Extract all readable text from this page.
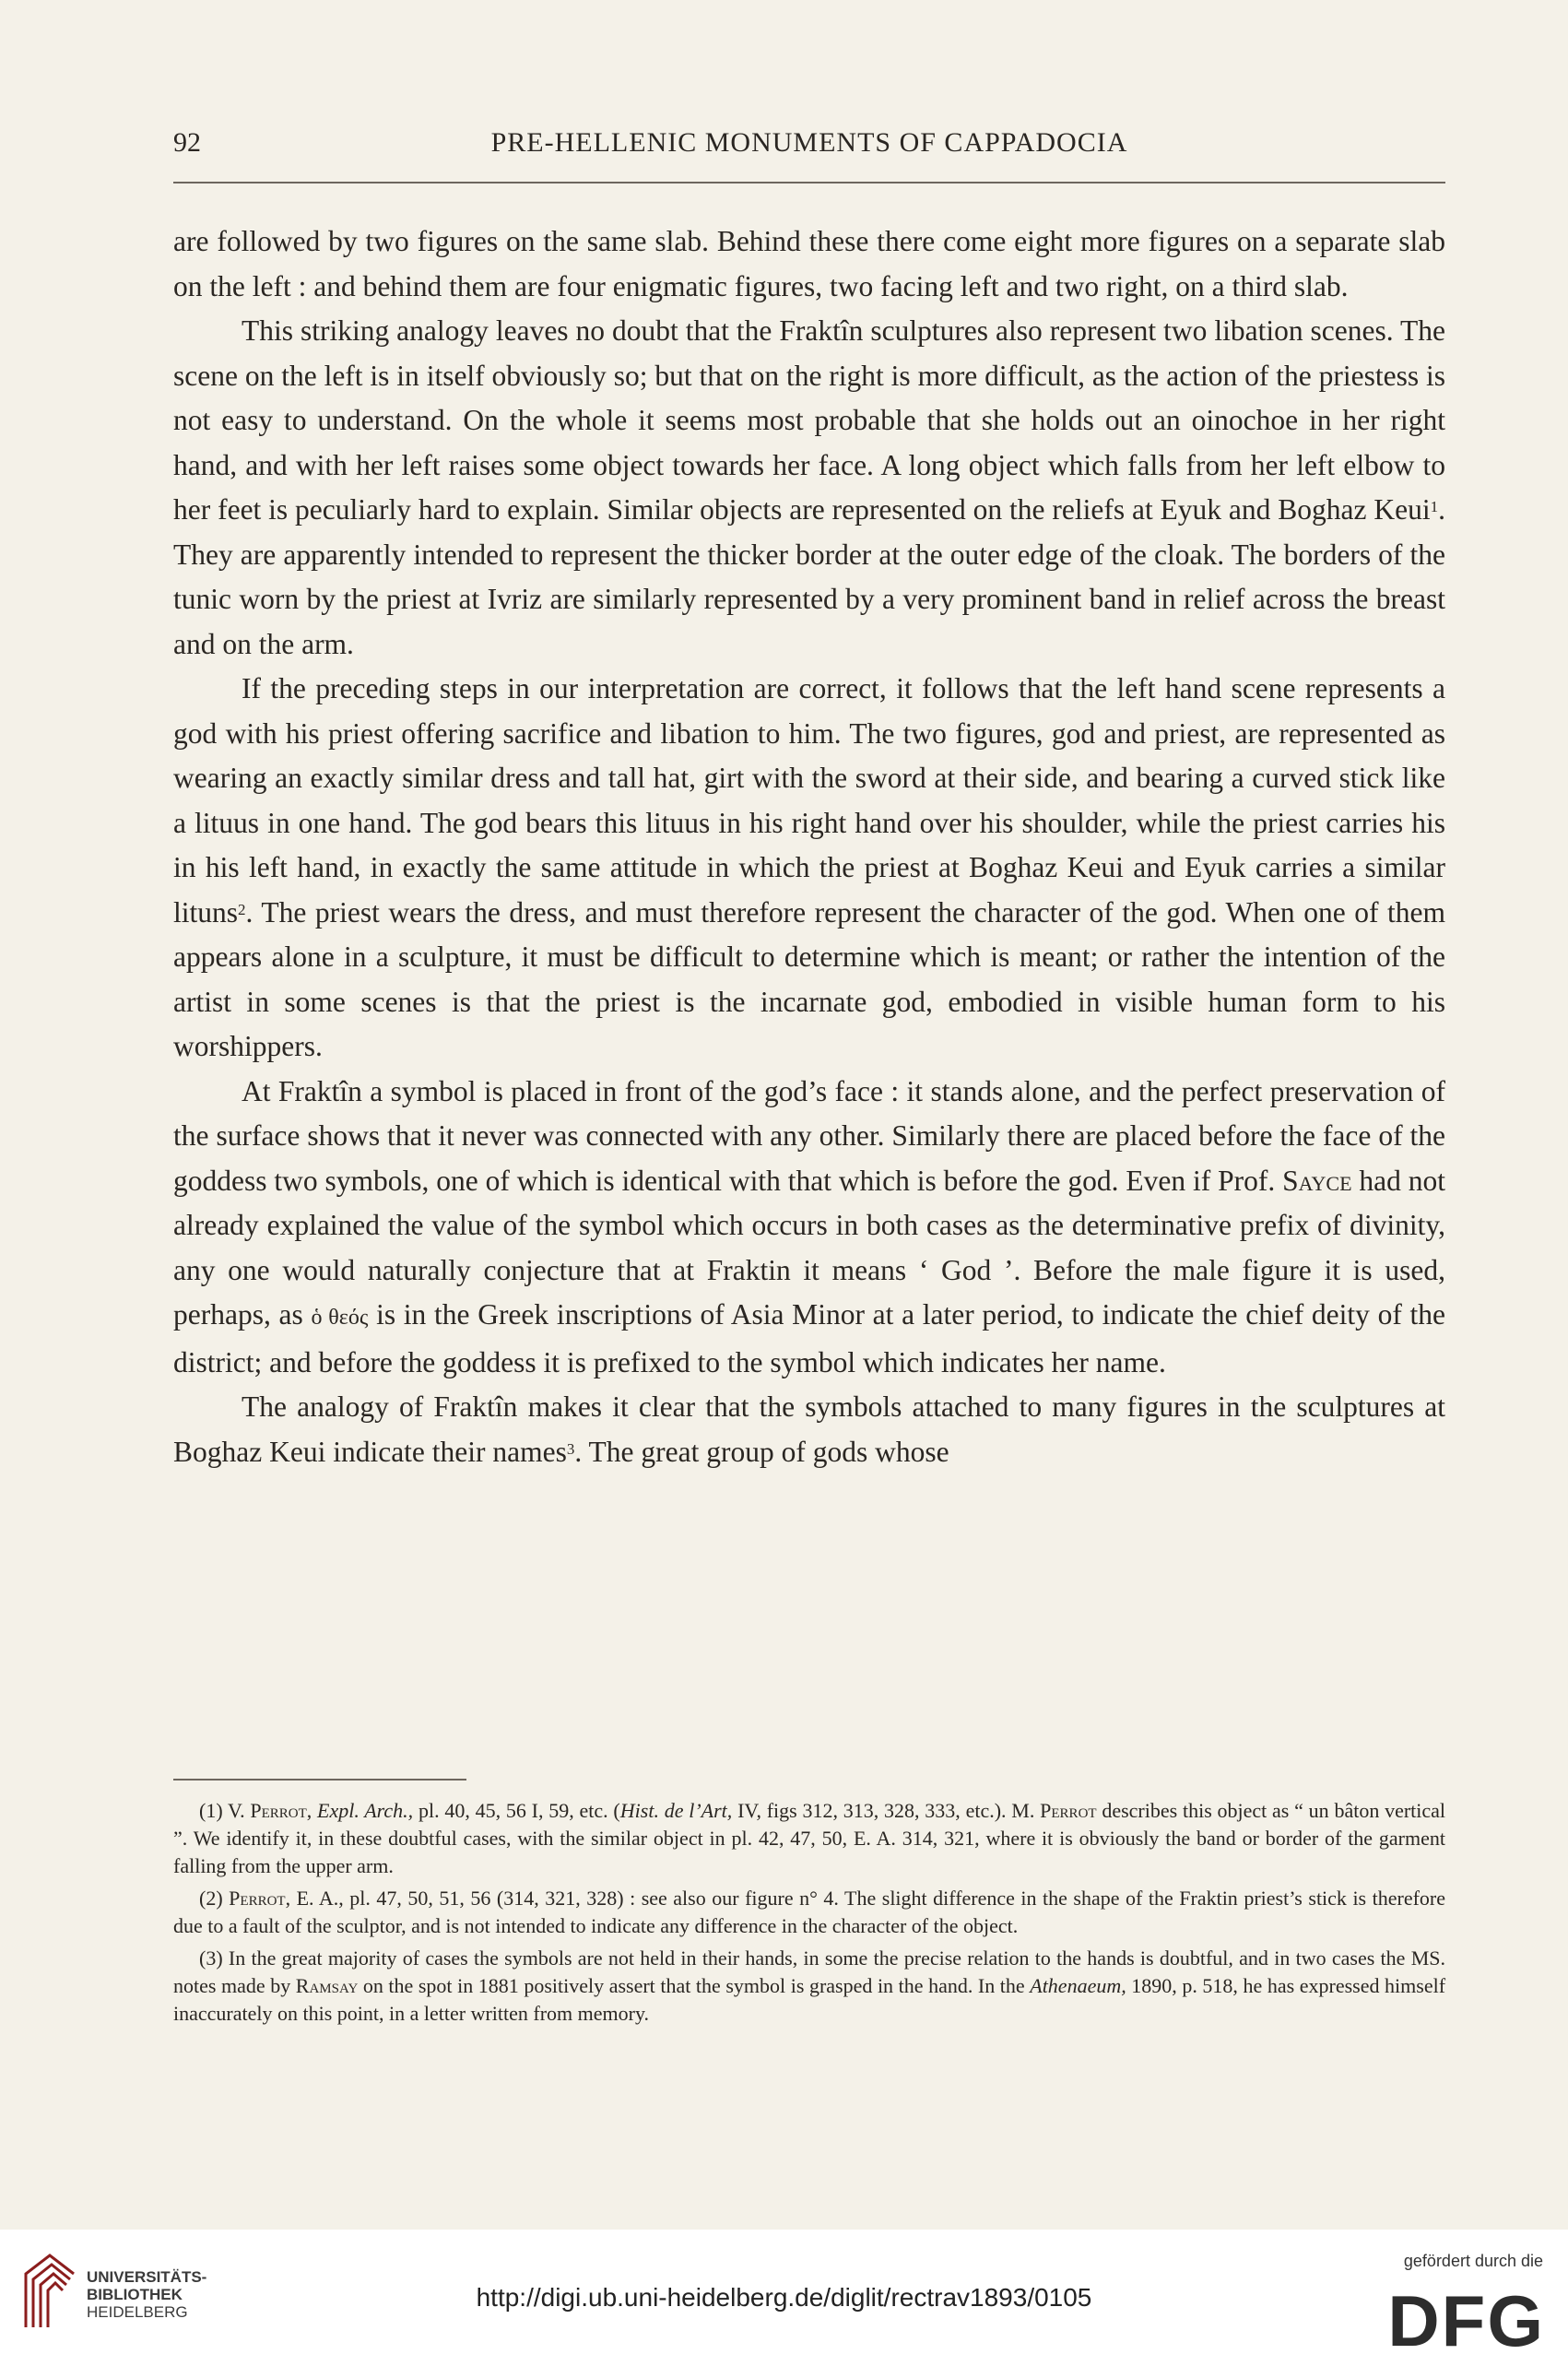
92	PRE-HELLENIC MONUMENTS OF CAPPADOCIA

are followed by two figures on the same slab. Behind these there come eight more figures on a separate slab on the left : and behind them are four enigmatic figures, two facing left and two right, on a third slab.

This striking analogy leaves no doubt that the Fraktîn sculptures also represent two libation scenes. The scene on the left is in itself obviously so; but that on the right is more difficult, as the action of the priestess is not easy to understand. On the whole it seems most probable that she holds out an oinochoe in her right hand, and with her left raises some object towards her face. A long object which falls from her left elbow to her feet is peculiarly hard to explain. Similar objects are represented on the reliefs at Eyuk and Boghaz Keui$^1$. They are apparently intended to represent the thicker border at the outer edge of the cloak. The borders of the tunic worn by the priest at Ivriz are similarly represented by a very prominent band in relief across the breast and on the arm.

If the preceding steps in our interpretation are correct, it follows that the left hand scene represents a god with his priest offering sacrifice and libation to him. The two figures, god and priest, are represented as wearing an exactly similar dress and tall hat, girt with the sword at their side, and bearing a curved stick like a lituus in one hand. The god bears this lituus in his right hand over his shoulder, while the priest carries his in his left hand, in exactly the same attitude in which the priest at Boghaz Keui and Eyuk carries a similar lituns$^2$. The priest wears the dress, and must therefore represent the character of the god. When one of them appears alone in a sculpture, it must be difficult to determine which is meant; or rather the intention of the artist in some scenes is that the priest is the incarnate god, embodied in visible human form to his worshippers.

At Fraktîn a symbol is placed in front of the god’s face : it stands alone, and the perfect preservation of the surface shows that it never was connected with any other. Similarly there are placed before the face of the goddess two symbols, one of which is identical with that which is before the god. Even if Prof. Sayce had not already explained the value of the symbol which occurs in both cases as the determinative prefix of divinity, any one would naturally conjecture that at Fraktin it means ‘ God ’. Before the male figure it is used, perhaps, as ὁ θεός is in the Greek inscriptions of Asia Minor at a later period, to indicate the chief deity of the district; and before the goddess it is prefixed to the symbol which indicates her name.

The analogy of Fraktîn makes it clear that the symbols attached to many figures in the sculptures at Boghaz Keui indicate their names$^3$. The great group of gods whose

(1) V. Perrot, Expl. Arch., pl. 40, 45, 56 I, 59, etc. (Hist. de l’Art, IV, figs 312, 313, 328, 333, etc.). M. Perrot describes this object as “ un bâton vertical ”. We identify it, in these doubtful cases, with the similar object in pl. 42, 47, 50, E. A. 314, 321, where it is obviously the band or border of the garment falling from the upper arm.

(2) Perrot, E. A., pl. 47, 50, 51, 56 (314, 321, 328) : see also our figure n° 4. The slight difference in the shape of the Fraktin priest’s stick is therefore due to a fault of the sculptor, and is not intended to indicate any difference in the character of the object.

(3) In the great majority of cases the symbols are not held in their hands, in some the precise relation to the hands is doubtful, and in two cases the MS. notes made by Ramsay on the spot in 1881 positively assert that the symbol is grasped in the hand. In the Athenaeum, 1890, p. 518, he has expressed himself inaccurately on this point, in a letter written from memory.

UNIVERSITÄTS-
BIBLIOTHEK
HEIDELBERG
http://digi.ub.uni-heidelberg.de/diglit/rectrav1893/0105
gefördert durch die
DFG
